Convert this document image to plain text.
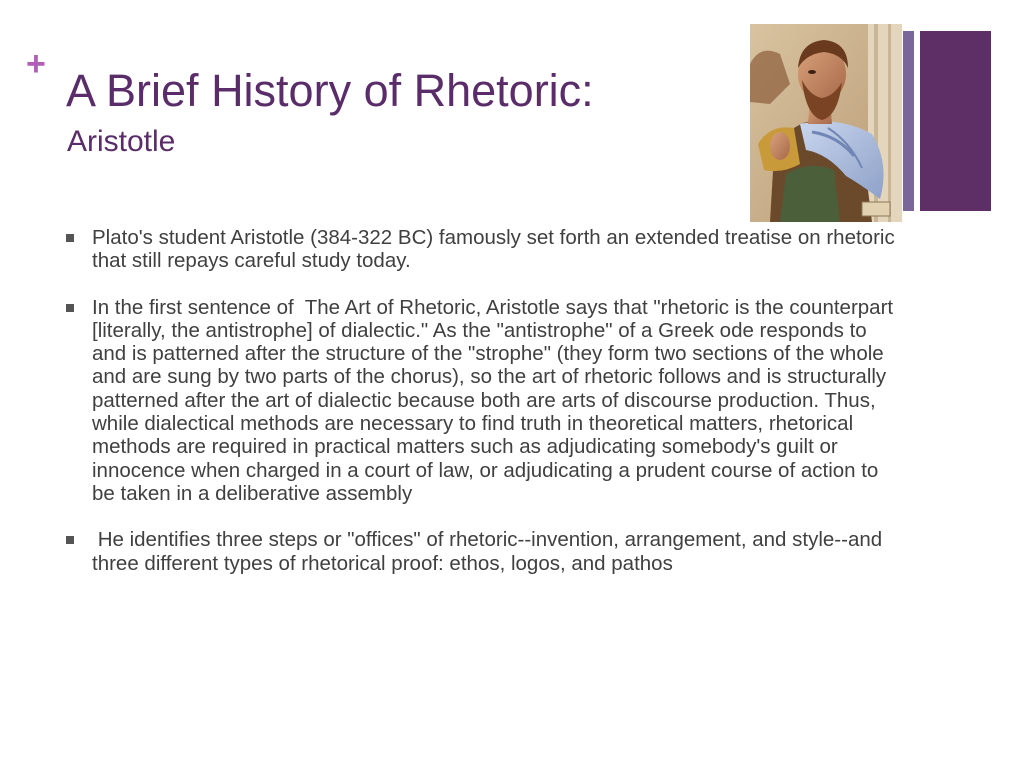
+
A Brief History of Rhetoric:
Aristotle
Plato's student Aristotle (384-322 BC) famously set forth an extended treatise on rhetoric that still repays careful study today.
In the first sentence of  The Art of Rhetoric, Aristotle says that "rhetoric is the counterpart [literally, the antistrophe] of dialectic." As the "antistrophe" of a Greek ode responds to and is patterned after the structure of the "strophe" (they form two sections of the whole and are sung by two parts of the chorus), so the art of rhetoric follows and is structurally patterned after the art of dialectic because both are arts of discourse production. Thus, while dialectical methods are necessary to find truth in theoretical matters, rhetorical methods are required in practical matters such as adjudicating somebody's guilt or innocence when charged in a court of law, or adjudicating a prudent course of action to be taken in a deliberative assembly
He identifies three steps or "offices" of rhetoric--invention, arrangement, and style--and three different types of rhetorical proof: ethos, logos, and pathos
